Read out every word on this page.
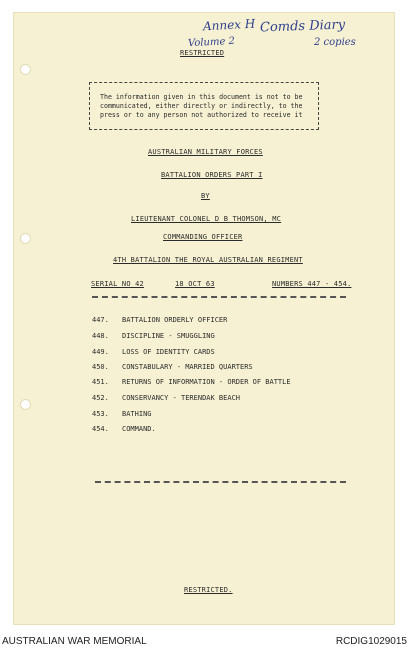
Annex H Comds Diary
Volume 2	2 copies
RESTRICTED
The information given in this document is not to be
communicated, either directly or indirectly, to the
press or to any person not authorized to receive it
AUSTRALIAN MILITARY FORCES
BATTALION ORDERS PART I
BY
LIEUTENANT COLONEL D B THOMSON, MC
COMMANDING OFFICER
4TH BATTALION THE ROYAL AUSTRALIAN REGIMENT
SERIAL NO 42	18 OCT 63	NUMBERS 447 - 454.
447. BATTALION ORDERLY OFFICER
448. DISCIPLINE - SMUGGLING
449. LOSS OF IDENTITY CARDS
450. CONSTABULARY - MARRIED QUARTERS
451. RETURNS OF INFORMATION - ORDER OF BATTLE
452. CONSERVANCY - TERENDAK BEACH
453. BATHING
454. COMMAND.
RESTRICTED.
AUSTRALIAN WAR MEMORIAL	RCDIG1029015
